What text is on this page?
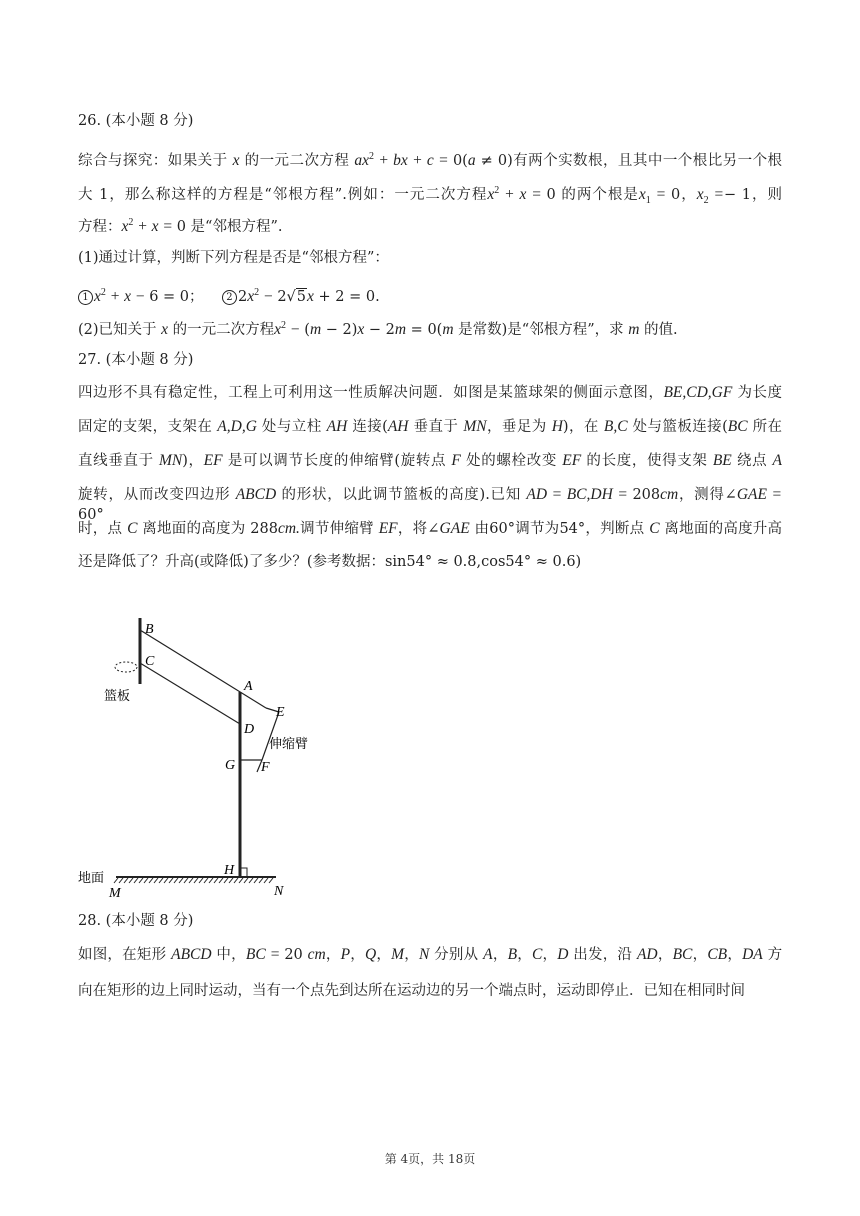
26. (本小题 8 分)
综合与探究：如果关于 x 的一元二次方程 $ax^2$ + bx + c = 0(a ≠ 0)有两个实数根，且其中一个根比另一个根
大 1，那么称这样的方程是“邻根方程”.例如：一元二次方程$x^2 + x = 0$ 的两个根是$x_1 = 0$，$x_2 =- 1$，则
方程：$x^2 + x = 0$ 是“邻根方程”.
(1)通过计算，判断下列方程是否是“邻根方程”：
1 $x^2 + x - 6 = 0$；    2 $2x^2 - 2√5x + 2 = 0$.
(2)已知关于 x 的一元二次方程$x^2 - (m - 2)x - 2m = 0(m$ 是常数)是“邻根方程”，求 m 的值.
27. (本小题 8 分)
四边形不具有稳定性，工程上可利用这一性质解决问题．如图是某篮球架的侧面示意图，BE,CD,GF 为长度
固定的支架，支架在 A,D,G 处与立柱 AH 连接(AH 垂直于 MN，垂足为 H)，在 B,C 处与篮板连接(BC 所在
直线垂直于 MN)，EF 是可以调节长度的伸缩臂(旋转点 F 处的螺栓改变 EF 的长度，使得支架 BE 绕点 A
旋转，从而改变四边形 ABCD 的形状，以此调节篮板的高度).已知 AD = BC,DH = 208cm，测得∠GAE = 60°
时，点 C 离地面的高度为 288cm.调节伸缩臂 EF，将∠GAE 由60°调节为54°，判断点 C 离地面的高度升高
还是降低了？升高(或降低)了多少？(参考数据：sin54° ≈ 0.8,cos54° ≈ 0.6)
B
C
A
E
D
G F
H
M	N
篮板
伸缩臂
地面
28. (本小题 8 分)
如图，在矩形 ABCD 中，BC = 20 cm，P，Q，M，N 分别从 A，B，C，D 出发，沿 AD，BC，CB，DA 方
向在矩形的边上同时运动，当有一个点先到达所在运动边的另一个端点时，运动即停止．已知在相同时间
第 4页，共 18页
